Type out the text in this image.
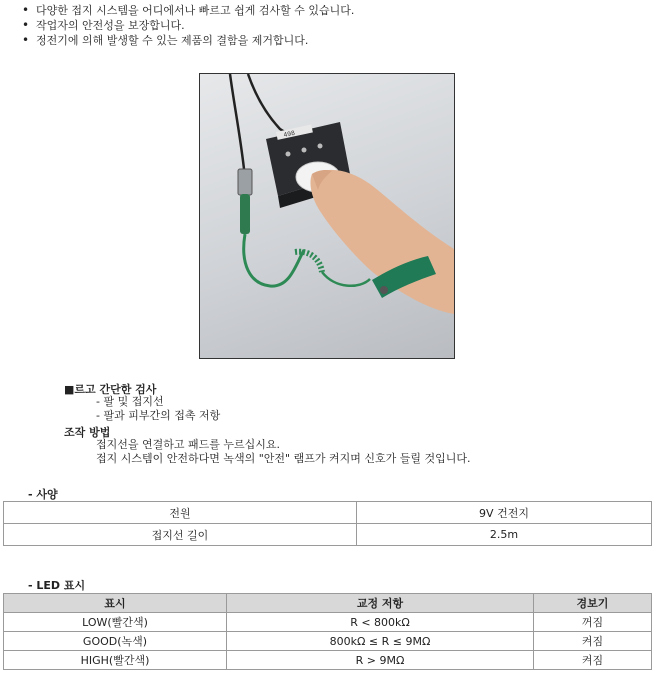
• 다양한 접지 시스템을 어디에서나 빠르고 쉽게 검사할 수 있습니다.
• 작업자의 안전성을 보장합니다.
• 정전기에 의해 발생할 수 있는 제품의 결함을 제거합니다.
498
■르고 간단한 검사
- 팔 및 접지선
- 팔과 피부간의 접촉 저항
조작 방법
접지선을 연결하고 패드를 누르십시요.
접지 시스템이 안전하다면 녹색의 "안전" 램프가 켜지며 신호가 들릴 것입니다.
- 사양
전원	9V 건전지
접지선 길이	2.5m
- LED 표시
표시	교정 저항	경보기
LOW(빨간색)	R < 800kΩ	꺼짐
GOOD(녹색)	800kΩ ≤ R ≤ 9MΩ	켜짐
HIGH(빨간색)	R > 9MΩ	켜짐
